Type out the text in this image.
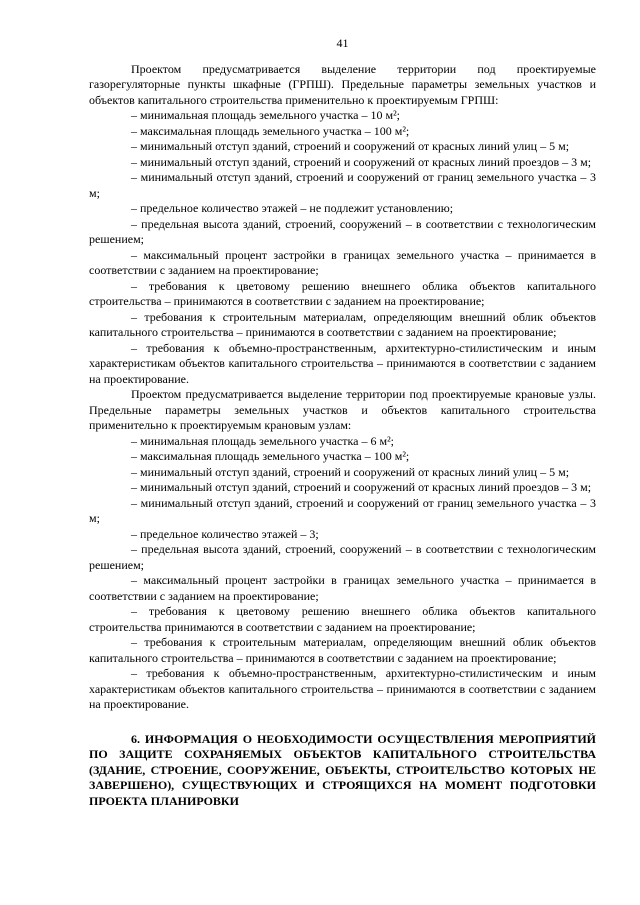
41

Проектом предусматривается выделение территории под проектируемые газорегуляторные пункты шкафные (ГРПШ). Предельные параметры земельных участков и объектов капитального строительства применительно к проектируемым ГРПШ:

– минимальная площадь земельного участка – 10 м²;

– максимальная площадь земельного участка – 100 м²;

– минимальный отступ зданий, строений и сооружений от красных линий улиц – 5 м;

– минимальный отступ зданий, строений и сооружений от красных линий проездов – 3 м;

– минимальный отступ зданий, строений и сооружений от границ земельного участка – 3 м;

– предельное количество этажей – не подлежит установлению;

– предельная высота зданий, строений, сооружений – в соответствии с технологическим решением;

– максимальный процент застройки в границах земельного участка – принимается в соответствии с заданием на проектирование;

– требования к цветовому решению внешнего облика объектов капитального строительства – принимаются в соответствии с заданием на проектирование;

– требования к строительным материалам, определяющим внешний облик объектов капитального строительства – принимаются в соответствии с заданием на проектирование;

– требования к объемно-пространственным, архитектурно-стилистическим и иным характеристикам объектов капитального строительства – принимаются в соответствии с заданием на проектирование.

Проектом предусматривается выделение территории под проектируемые крановые узлы. Предельные параметры земельных участков и объектов капитального строительства применительно к проектируемым крановым узлам:

– минимальная площадь земельного участка – 6 м²;

– максимальная площадь земельного участка – 100 м²;

– минимальный отступ зданий, строений и сооружений от красных линий улиц – 5 м;

– минимальный отступ зданий, строений и сооружений от красных линий проездов – 3 м;

– минимальный отступ зданий, строений и сооружений от границ земельного участка – 3 м;

– предельное количество этажей – 3;

– предельная высота зданий, строений, сооружений – в соответствии с технологическим решением;

– максимальный процент застройки в границах земельного участка – принимается в соответствии с заданием на проектирование;

– требования к цветовому решению внешнего облика объектов капитального строительства принимаются в соответствии с заданием на проектирование;

– требования к строительным материалам, определяющим внешний облик объектов капитального строительства – принимаются в соответствии с заданием на проектирование;

– требования к объемно-пространственным, архитектурно-стилистическим и иным характеристикам объектов капитального строительства – принимаются в соответствии с заданием на проектирование.

6. ИНФОРМАЦИЯ О НЕОБХОДИМОСТИ ОСУЩЕСТВЛЕНИЯ МЕРОПРИЯТИЙ ПО ЗАЩИТЕ СОХРАНЯЕМЫХ ОБЪЕКТОВ КАПИТАЛЬНОГО СТРОИТЕЛЬСТВА (ЗДАНИЕ, СТРОЕНИЕ, СООРУЖЕНИЕ, ОБЪЕКТЫ, СТРОИТЕЛЬСТВО КОТОРЫХ НЕ ЗАВЕРШЕНО), СУЩЕСТВУЮЩИХ И СТРОЯЩИХСЯ НА МОМЕНТ ПОДГОТОВКИ ПРОЕКТА ПЛАНИРОВКИ
